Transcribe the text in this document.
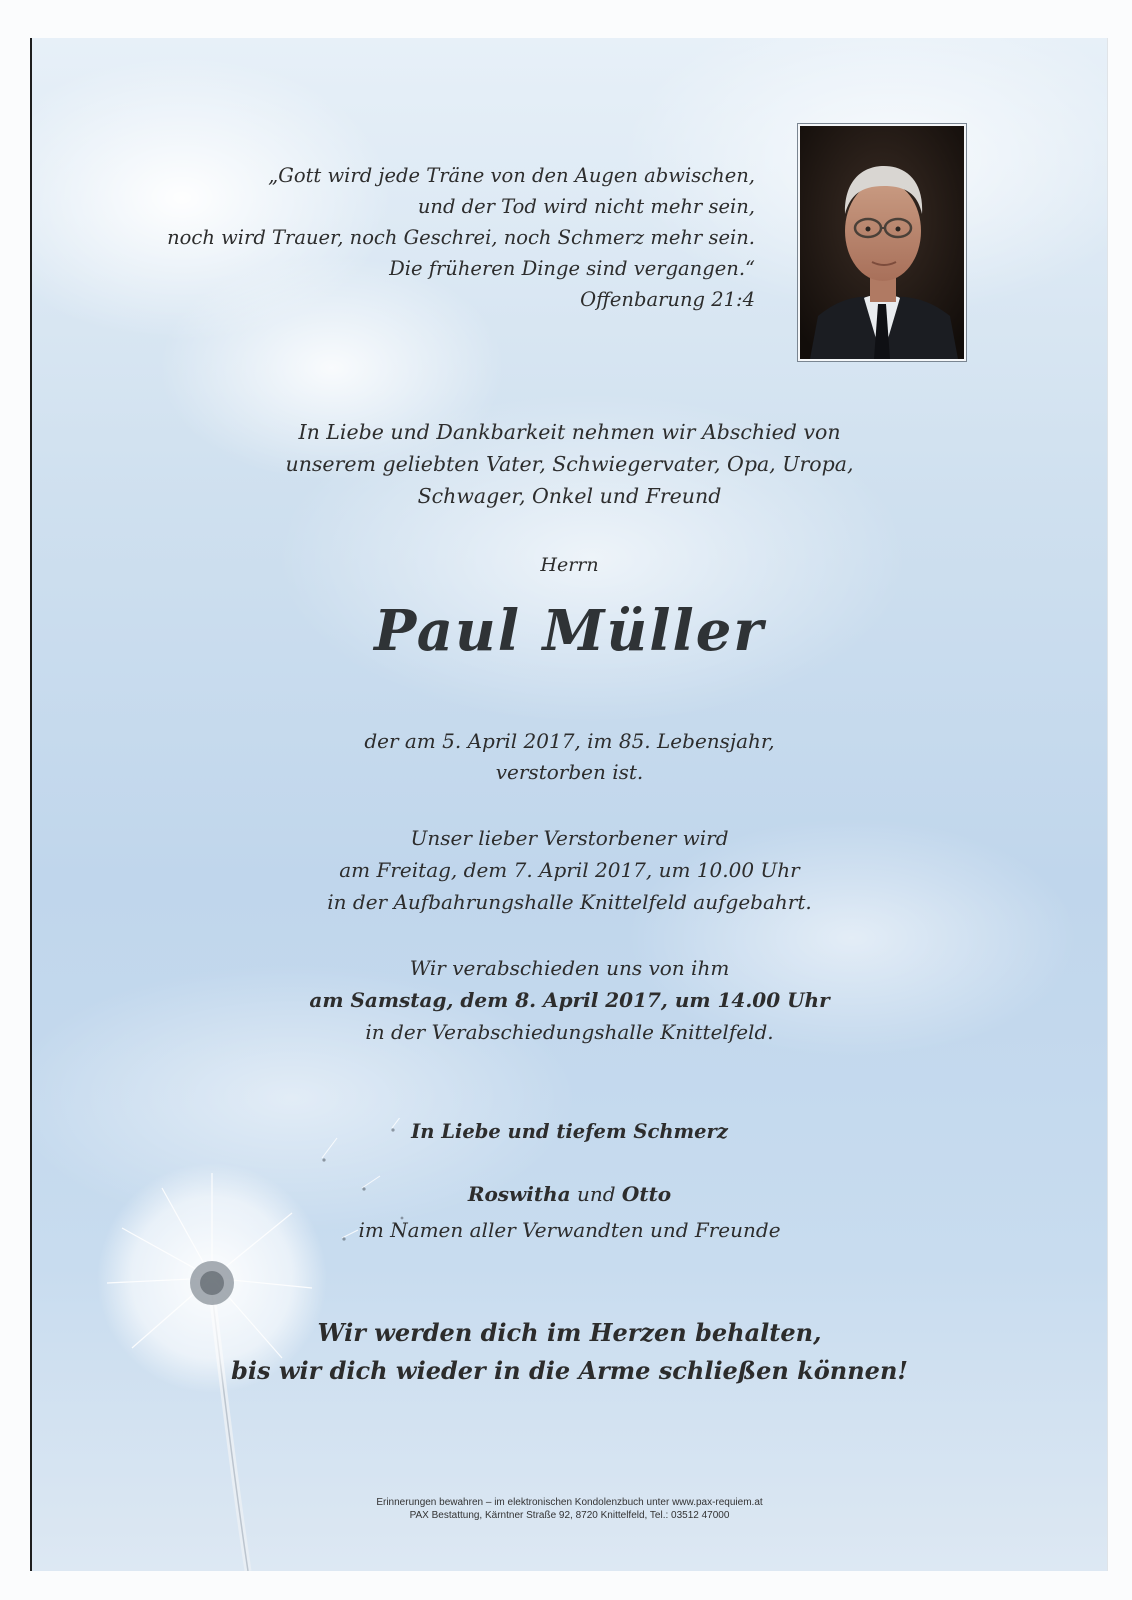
„Gott wird jede Träne von den Augen abwischen,
und der Tod wird nicht mehr sein,
noch wird Trauer, noch Geschrei, noch Schmerz mehr sein.
Die früheren Dinge sind vergangen.“
Offenbarung 21:4
In Liebe und Dankbarkeit nehmen wir Abschied von
unserem geliebten Vater, Schwiegervater, Opa, Uropa,
Schwager, Onkel und Freund

Herrn

Paul Müller
der am 5. April 2017, im 85. Lebensjahr,
verstorben ist.
Unser lieber Verstorbener wird
am Freitag, dem 7. April 2017, um 10.00 Uhr
in der Aufbahrungshalle Knittelfeld aufgebahrt.
Wir verabschieden uns von ihm
am Samstag, dem 8. April 2017, um 14.00 Uhr
in der Verabschiedungshalle Knittelfeld.

In Liebe und tiefem Schmerz

Roswitha und Otto
im Namen aller Verwandten und Freunde
Wir werden dich im Herzen behalten,
bis wir dich wieder in die Arme schließen können!
Erinnerungen bewahren – im elektronischen Kondolenzbuch unter www.pax-requiem.at
PAX Bestattung, Kärntner Straße 92, 8720 Knittelfeld, Tel.: 03512 47000
